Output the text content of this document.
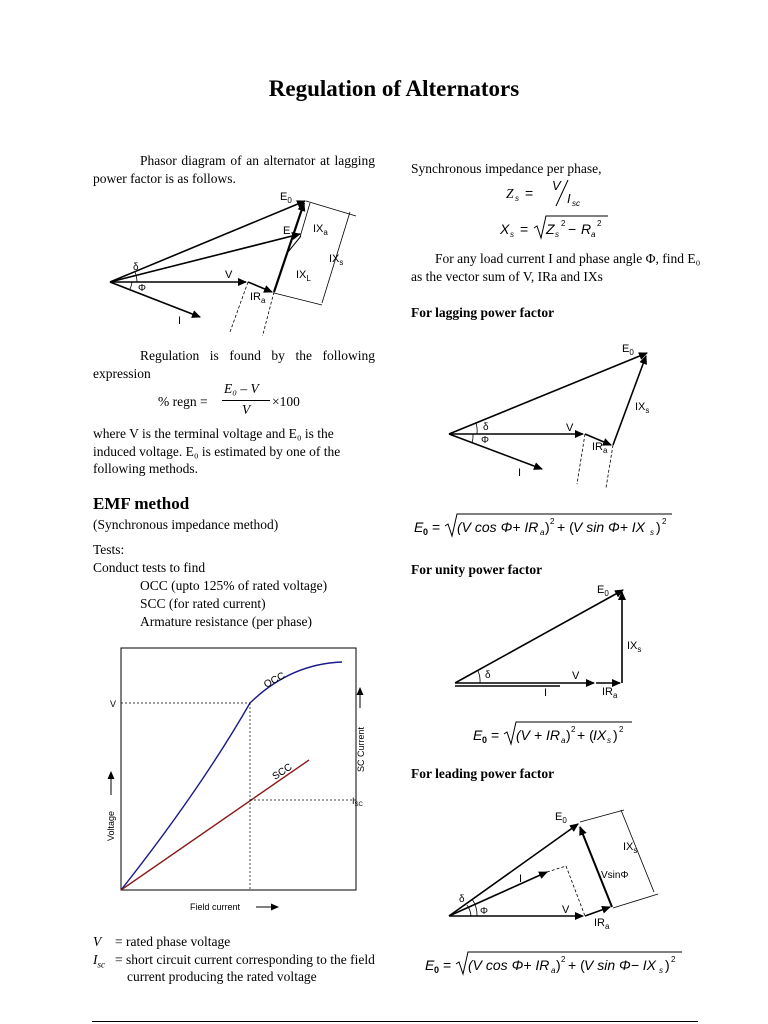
Regulation of Alternators

Phasor diagram of an alternator at lagging power factor is as follows.

$E_0$
E
V
I
$IR_a$
$IX_a$
$IX_s$
$IX_L$
δ
Φ

Regulation is found by the following expression

% regn =
E₀ – V
V
×100

where V is the terminal voltage and E₀ is the induced voltage. E₀ is estimated by one of the following methods.

EMF method

(Synchronous impedance method)

Tests:

Conduct tests to find

OCC (upto 125% of rated voltage)

SCC (for rated current)

Armature resistance (per phase)

V
$I_{SC}$
OCC
SCC
Field current
Voltage
SC Current
V = rated phase voltage
$I_{sc}$ = short circuit current corresponding to the field current producing the rated voltage

Synchronous impedance per phase,

Z s = V
I sc
X s = Z s
2 − R a
2

For any load current I and phase angle Φ, find E₀ as the vector sum of V, IRa and IXs

For lagging power factor
$E_0$
V
I
$IR_a$
$IX_s$
δ
Φ
E 0 = (V cos Φ+ IR a ) 2 + ( V sin Φ+ IX s ) 2
For unity power factor
$E_0$
V
I	$IR_a$
$IX_s$
δ
E 0 = (V + IR a ) 2 + ( IX s ) 2
For leading power factor
$E_0$
V
I
$IR_a$
$IX_s$
VsinΦ
δ
Φ
E 0 = (V cos Φ+ IR a ) 2 + ( V sin Φ− IX s ) 2
